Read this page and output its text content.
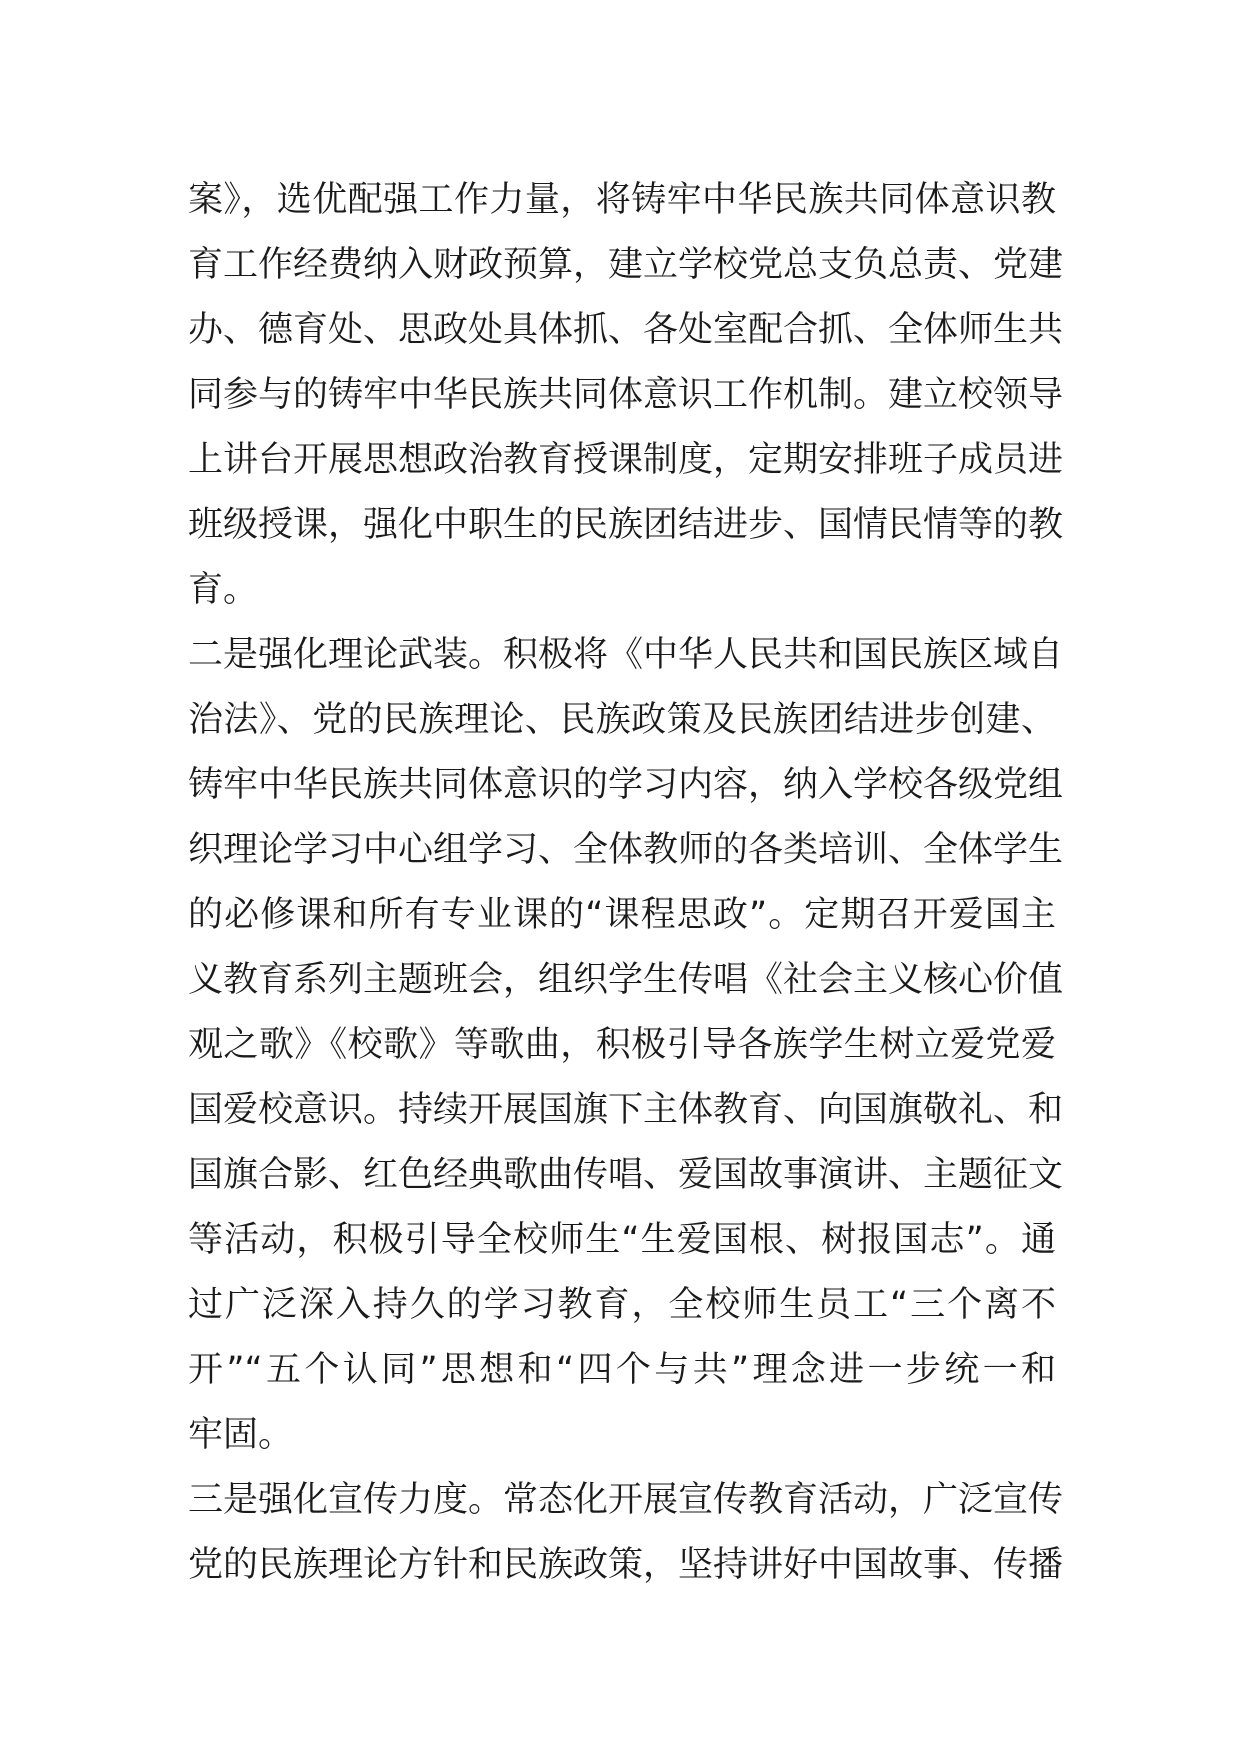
案》，选优配强工作力量，将铸牢中华民族共同体意识教
育工作经费纳入财政预算，建立学校党总支负总责、党建
办、德育处、思政处具体抓、各处室配合抓、全体师生共
同参与的铸牢中华民族共同体意识工作机制。建立校领导
上讲台开展思想政治教育授课制度，定期安排班子成员进
班级授课，强化中职生的民族团结进步、国情民情等的教
育。
二是强化理论武装。积极将《中华人民共和国民族区域自
治法》、党的民族理论、民族政策及民族团结进步创建、
铸牢中华民族共同体意识的学习内容，纳入学校各级党组
织理论学习中心组学习、全体教师的各类培训、全体学生
的必修课和所有专业课的“课程思政”。定期召开爱国主
义教育系列主题班会，组织学生传唱《社会主义核心价值
观之歌》《校歌》等歌曲，积极引导各族学生树立爱党爱
国爱校意识。持续开展国旗下主体教育、向国旗敬礼、和
国旗合影、红色经典歌曲传唱、爱国故事演讲、主题征文
等活动，积极引导全校师生“生爱国根、树报国志”。通
过广泛深入持久的学习教育，全校师生员工“三个离不
开”“五个认同”思想和“四个与共”理念进一步统一和
牢固。
三是强化宣传力度。常态化开展宣传教育活动，广泛宣传
党的民族理论方针和民族政策，坚持讲好中国故事、传播
